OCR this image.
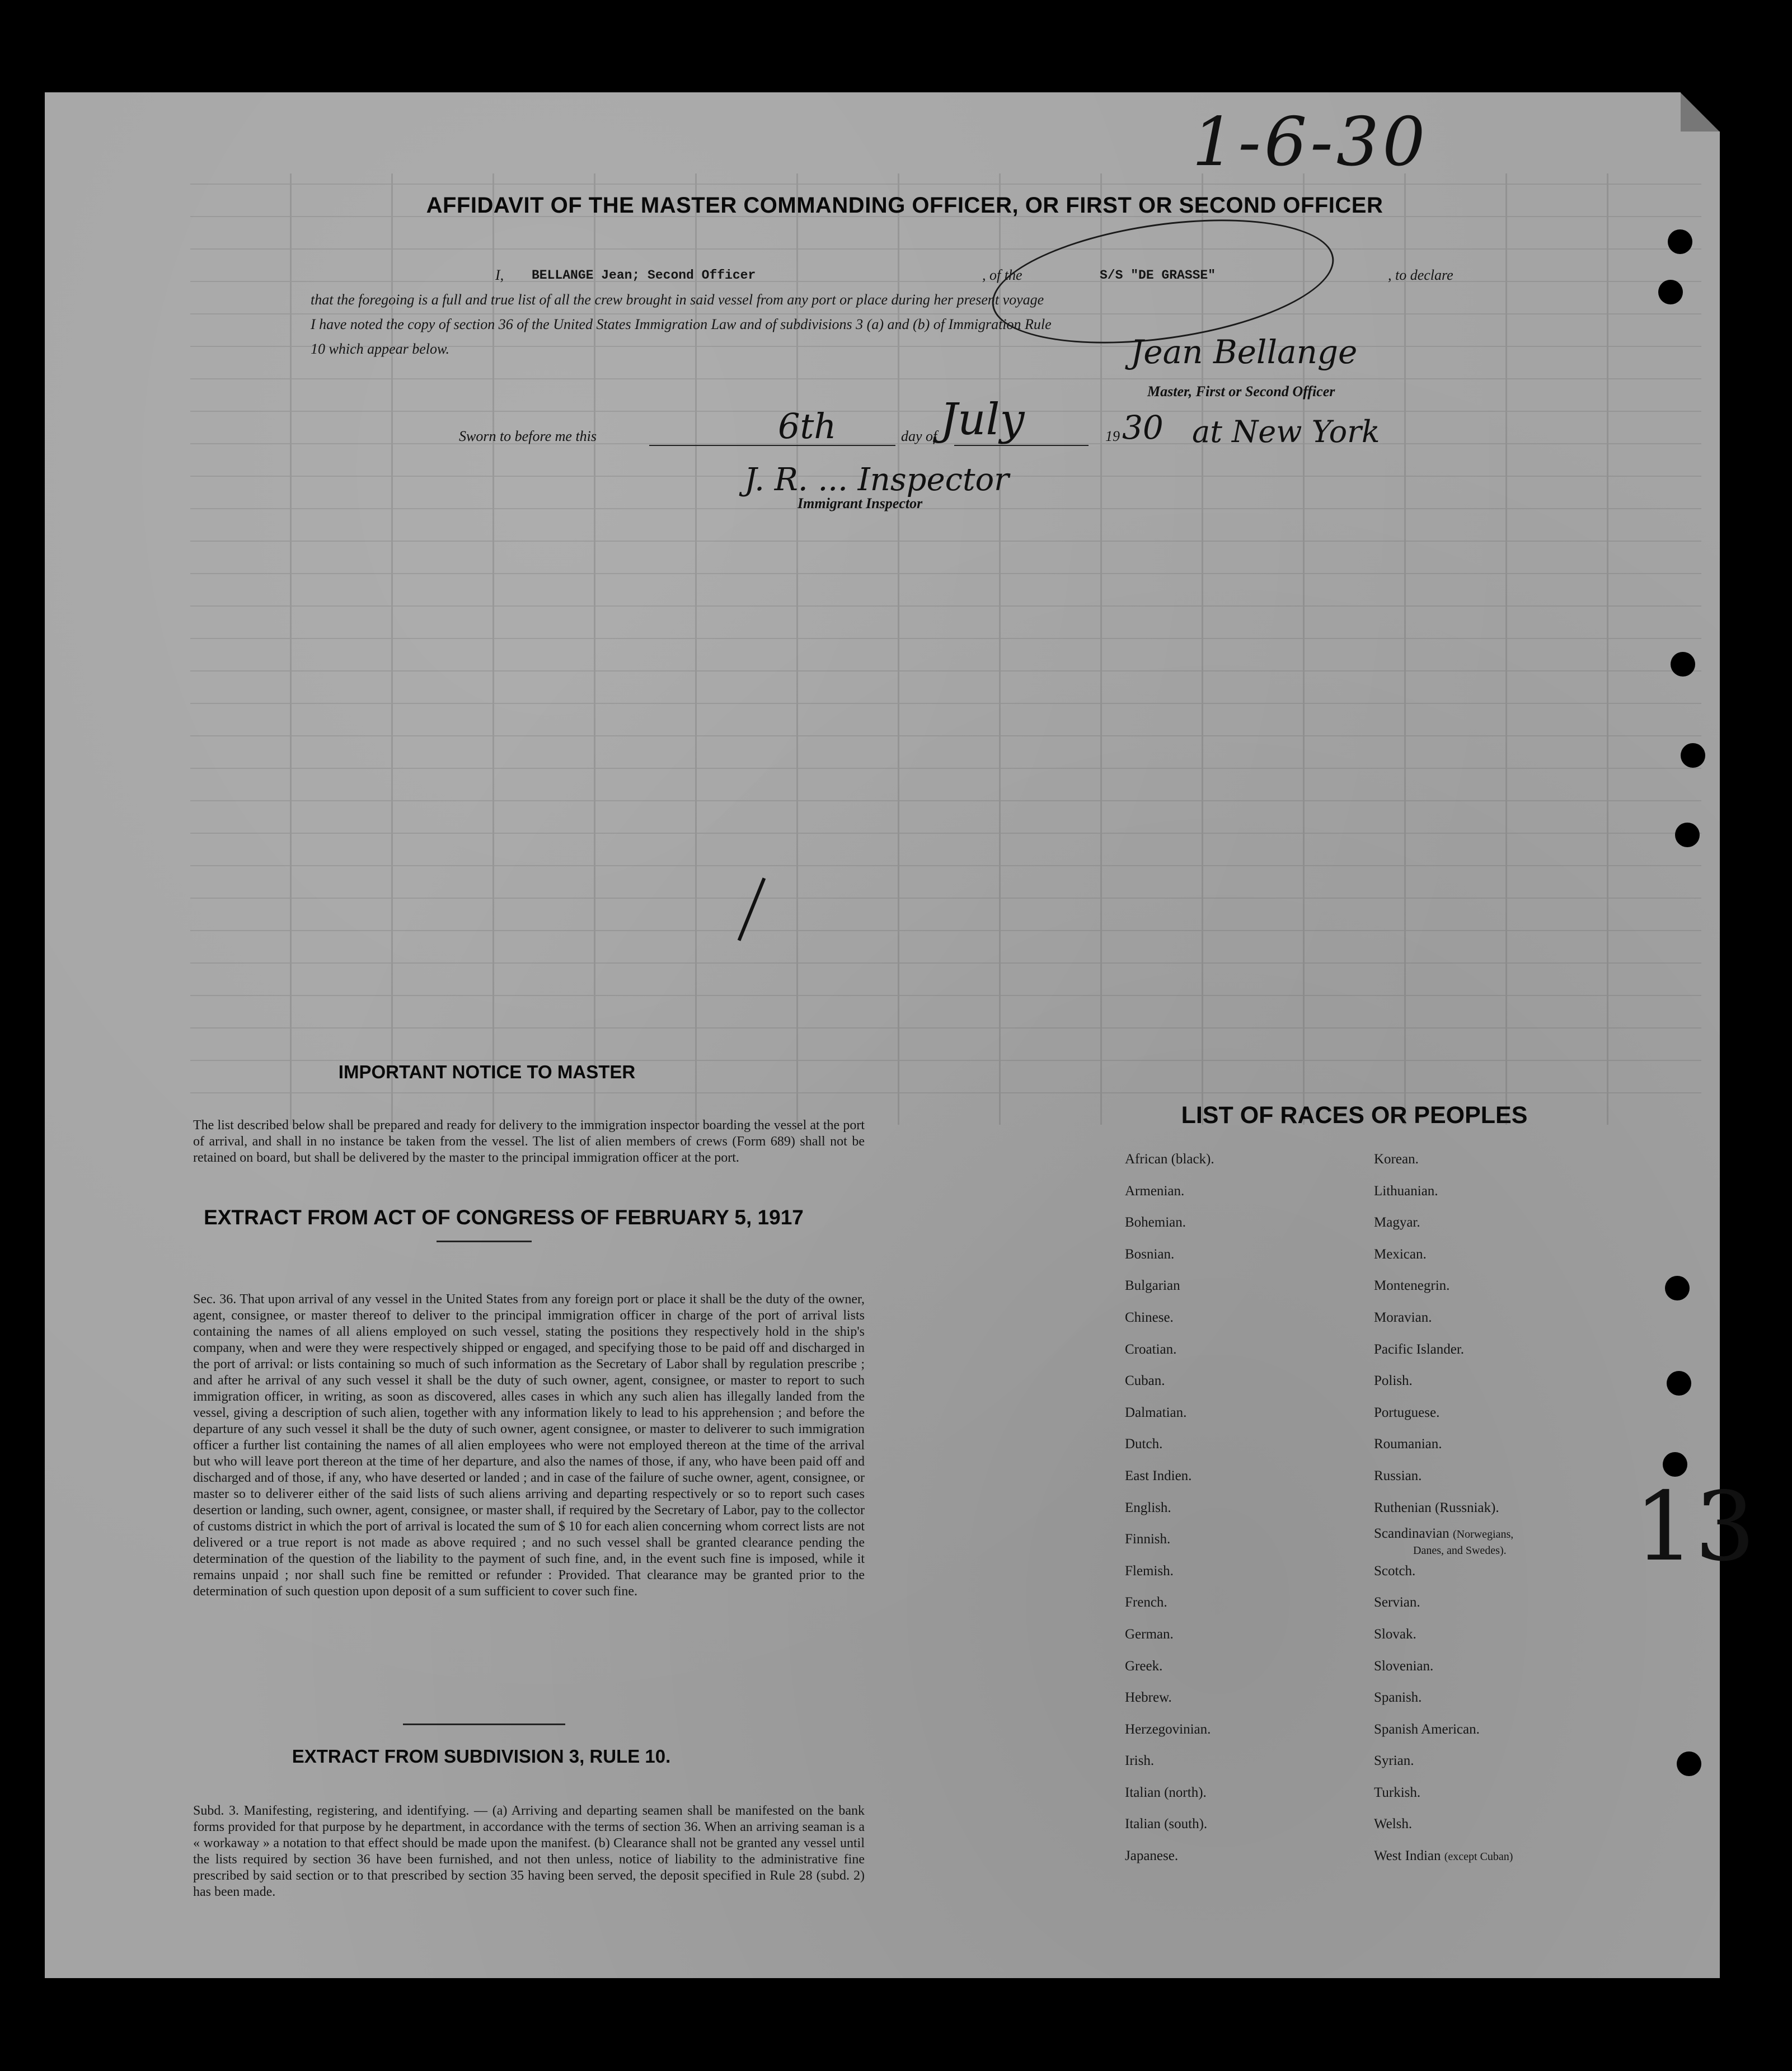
1-6-30
AFFIDAVIT OF THE MASTER COMMANDING OFFICER, OR FIRST OR SECOND OFFICER
I, BELLANGE Jean; Second Officer	, of the	S/S "DE GRASSE"	, to declare
that the foregoing is a full and true list of all the crew brought in said vessel from any port or place during her present voyage
I have noted the copy of section 36 of the United States Immigration Law and of subdivisions 3 (a) and (b) of Immigration Rule
10 which appear below.	Jean Bellange
Master, First or Second Officer
Sworn to before me this	6th	day of July	19 30 at New York
J. R. ... Inspector
Immigrant Inspector
13
IMPORTANT NOTICE TO MASTER
The list described below shall be prepared and ready for delivery to the immigration inspector boarding the vessel at the port of arrival, and shall in no instance be taken from the vessel. The list of alien members of crews (Form 689) shall not be retained on board, but shall be delivered by the master to the principal immigration officer at the port.
EXTRACT FROM ACT OF CONGRESS OF FEBRUARY 5, 1917
Sec. 36. That upon arrival of any vessel in the United States from any foreign port or place it shall be the duty of the owner, agent, consignee, or master thereof to deliver to the principal immigration officer in charge of the port of arrival lists containing the names of all aliens employed on such vessel, stating the positions they respectively hold in the ship's company, when and were they were respectively shipped or engaged, and specifying those to be paid off and discharged in the port of arrival: or lists containing so much of such information as the Secretary of Labor shall by regulation prescribe ; and after he arrival of any such vessel it shall be the duty of such owner, agent, consignee, or master to report to such immigration officer, in writing, as soon as discovered, alles cases in which any such alien has illegally landed from the vessel, giving a description of such alien, together with any information likely to lead to his apprehension ; and before the departure of any such vessel it shall be the duty of such owner, agent consignee, or master to deliverer to such immigration officer a further list containing the names of all alien employees who were not employed thereon at the time of the arrival but who will leave port thereon at the time of her departure, and also the names of those, if any, who have been paid off and discharged and of those, if any, who have deserted or landed ; and in case of the failure of suche owner, agent, consignee, or master so to deliverer either of the said lists of such aliens arriving and departing respectively or so to report such cases desertion or landing, such owner, agent, consignee, or master shall, if required by the Secretary of Labor, pay to the collector of customs district in which the port of arrival is located the sum of $ 10 for each alien concerning whom correct lists are not delivered or a true report is not made as above required ; and no such vessel shall be granted clearance pending the determination of the question of the liability to the payment of such fine, and, in the event such fine is imposed, while it remains unpaid ; nor shall such fine be remitted or refunder : Provided. That clearance may be granted prior to the determination of such question upon deposit of a sum sufficient to cover such fine.
EXTRACT FROM SUBDIVISION 3, RULE 10.
Subd. 3. Manifesting, registering, and identifying. — (a) Arriving and departing seamen shall be manifested on the bank forms provided for that purpose by he department, in accordance with the terms of section 36. When an arriving seaman is a « workaway » a notation to that effect should be made upon the manifest. (b) Clearance shall not be granted any vessel until the lists required by section 36 have been furnished, and not then unless, notice of liability to the administrative fine prescribed by said section or to that prescribed by section 35 having been served, the deposit specified in Rule 28 (subd. 2) has been made.
LIST OF RACES OR PEOPLES
African (black).
Armenian.
Bohemian.
Bosnian.
Bulgarian
Chinese.
Croatian.
Cuban.
Dalmatian.
Dutch.
East Indien.
English.
Finnish.
Flemish.
French.
German.
Greek.
Hebrew.
Herzegovinian.
Irish.
Italian (north).
Italian (south).
Japanese.
Korean.
Lithuanian.
Magyar.
Mexican.
Montenegrin.
Moravian.
Pacific Islander.
Polish.
Portuguese.
Roumanian.
Russian.
Ruthenian (Russniak).
Scandinavian (Norwegians,
Danes, and Swedes).
Scotch.
Servian.
Slovak.
Slovenian.
Spanish.
Spanish American.
Syrian.
Turkish.
Welsh.
West Indian (except Cuban)
